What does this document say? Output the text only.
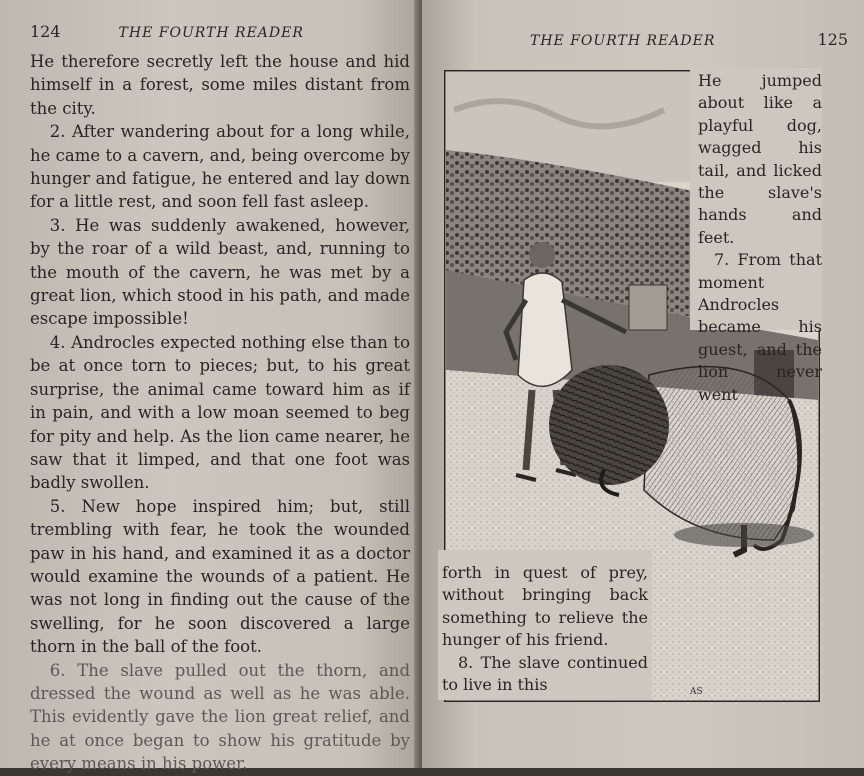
124	THE FOURTH READER

He therefore secretly left the house and hid himself in a forest, some miles distant from the city.

2. After wandering about for a long while, he came to a cavern, and, being overcome by hunger and fatigue, he entered and lay down for a little rest, and soon fell fast asleep.

3. He was suddenly awakened, however, by the roar of a wild beast, and, running to the mouth of the cavern, he was met by a great lion, which stood in his path, and made escape impossible!

4. Androcles expected nothing else than to be at once torn to pieces; but, to his great surprise, the animal came toward him as if in pain, and with a low moan seemed to beg for pity and help. As the lion came nearer, he saw that it limped, and that one foot was badly swollen.

5. New hope inspired him; but, still trembling with fear, he took the wounded paw in his hand, and examined it as a doctor would examine the wounds of a patient. He was not long in finding out the cause of the swelling, for he soon discovered a large thorn in the ball of the foot.

6. The slave pulled out the thorn, and dressed the wound as well as he was able. This evidently gave the lion great relief, and he at once began to show his gratitude by every means in his power.

THE FOURTH READER	125
AS

He jumped about like a playful dog, wagged his tail, and licked the slave's hands and feet.

7. From that moment Androcles became his guest, and the lion never went

forth in quest of prey, without bringing back something to relieve the hunger of his friend.

8. The slave continued to live in this
